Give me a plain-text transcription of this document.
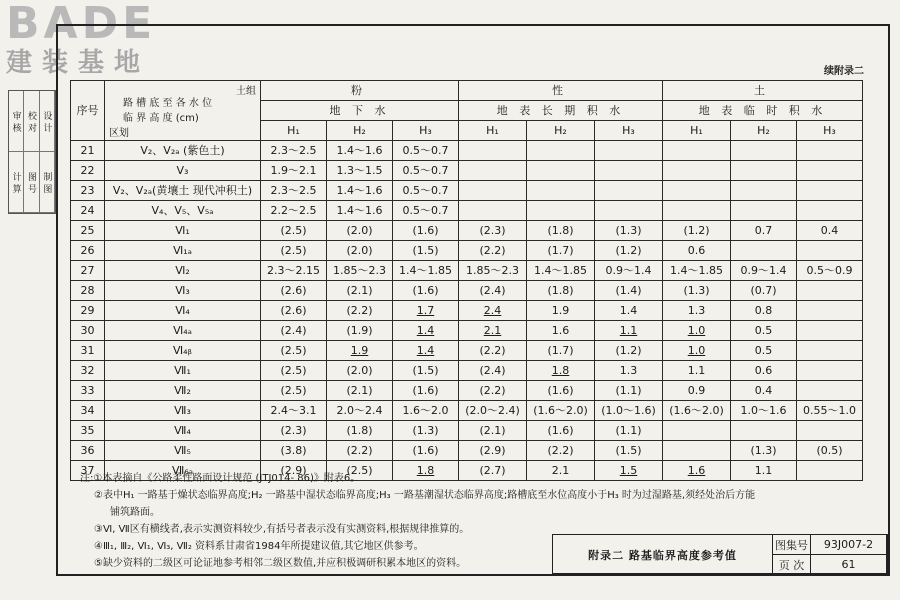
BADE
建装基地
审 核 校 对 设 计
计 算 图 号 制 图
续附录二
序号	土组
路 槽 底 至 各 水 位
临 界 高 度 (cm)
区划	粉			性			土		
		地 下 水			地 表 长 期 积 水			地 表 临 时 积 水		
		H₁	H₂	H₃	H₁	H₂	H₃	H₁	H₂	H₃
21	V₂、V₂ₐ (紫色土)	2.3～2.5	1.4～1.6	0.5～0.7						
22	V₃	1.9～2.1	1.3～1.5	0.5～0.7						
23	V₂、V₂ₐ(黄壤土 现代冲积土)	2.3～2.5	1.4～1.6	0.5～0.7						
24	V₄、V₅、V₅ₐ	2.2～2.5	1.4～1.6	0.5～0.7						
25	Ⅵ₁	(2.5)	(2.0)	(1.6)	(2.3)	(1.8)	(1.3)	(1.2)	0.7	0.4
26	Ⅵ₁ₐ	(2.5)	(2.0)	(1.5)	(2.2)	(1.7)	(1.2)	0.6		
27	Ⅵ₂	2.3～2.15	1.85～2.3	1.4～1.85	1.85～2.3	1.4～1.85	0.9～1.4	1.4～1.85	0.9～1.4	0.5～0.9
28	Ⅵ₃	(2.6)	(2.1)	(1.6)	(2.4)	(1.8)	(1.4)	(1.3)	(0.7)	
29	Ⅵ₄	(2.6)	(2.2)	1.7	2.4	1.9	1.4	1.3	0.8	
30	Ⅵ₄ₐ	(2.4)	(1.9)	1.4	2.1	1.6	1.1	1.0	0.5	
31	Ⅵ₄ᵦ	(2.5)	1.9	1.4	(2.2)	(1.7)	(1.2)	1.0	0.5	
32	Ⅶ₁	(2.5)	(2.0)	(1.5)	(2.4)	1.8	1.3	1.1	0.6	
33	Ⅶ₂	(2.5)	(2.1)	(1.6)	(2.2)	(1.6)	(1.1)	0.9	0.4	
34	Ⅶ₃	2.4～3.1	2.0～2.4	1.6～2.0	(2.0～2.4)	(1.6～2.0)	(1.0～1.6)	(1.6～2.0)	1.0～1.6	0.55～1.0
35	Ⅶ₄	(2.3)	(1.8)	(1.3)	(2.1)	(1.6)	(1.1)			
36	Ⅶ₅	(3.8)	(2.2)	(1.6)	(2.9)	(2.2)	(1.5)		(1.3)	(0.5)
37	Ⅶ₆ₐ	(2.9)	(2.5)	1.8	(2.7)	2.1	1.5	1.6	1.1	
注:①本表摘自《公路柔性路面设计规范 (JTJ014- 86)》附表6。
②表中H₁ 一路基于燥状态临界高度;H₂ 一路基中湿状态临界高度;H₃ 一路基潮湿状态临界高度;路槽底至水位高度小于H₃ 时为过湿路基,须经处治后方能
铺筑路面。
③Ⅵ, Ⅶ区有横线者,表示实测资料较少,有括号者表示没有实测资料,根据规律推算的。
④Ⅲ₁, Ⅲ₂, Ⅵ₁, Ⅵ₃, Ⅶ₂ 资料系甘肃省1984年所提建议值,其它地区供参考。
⑤缺少资料的二级区可论证地参考相邻二级区数值,并应积极调研积累本地区的资料。
附录二 路基临界高度参考值
图集号	93J007-2
页 次	61
